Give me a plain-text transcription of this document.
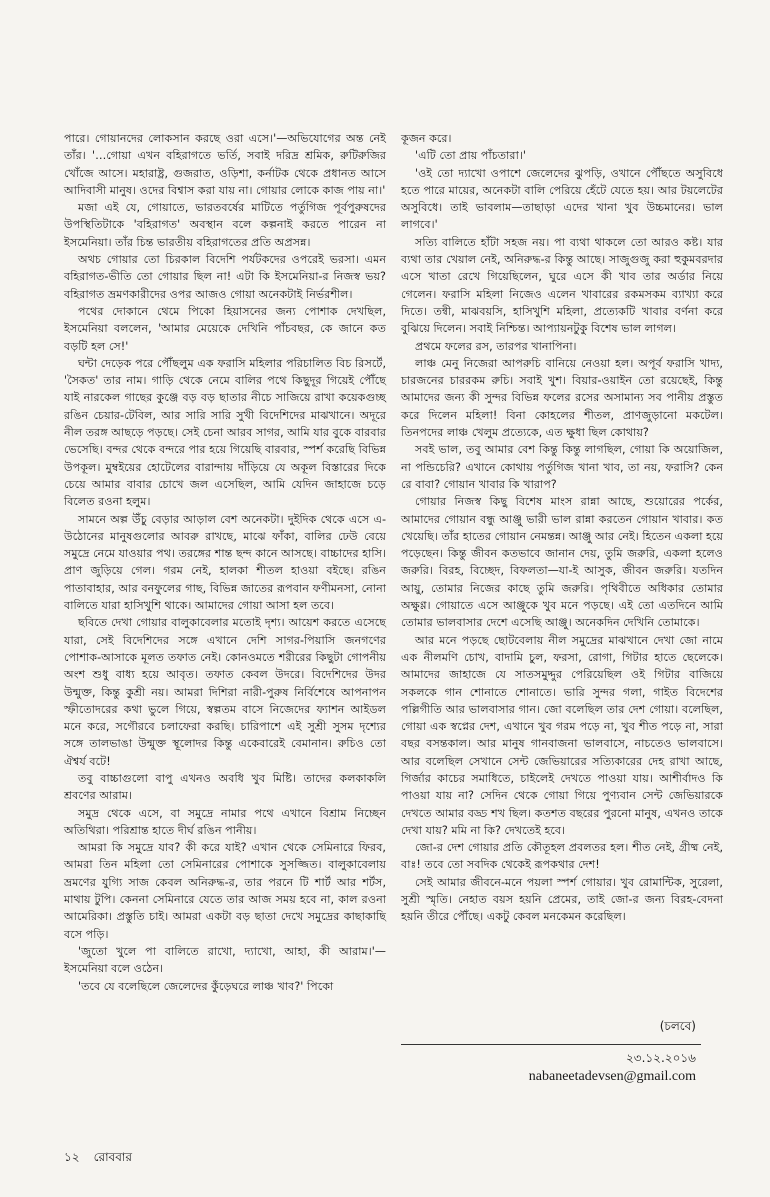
পারে। গোয়ানদের লোকসান করছে ওরা এসে।'—অভিযোগের অন্ত নেই তাঁর। '…গোয়া এখন বহিরাগতে ভর্তি, সবাই দরিদ্র শ্রমিক, রুটিরুজির খোঁজে আসে। মহারাষ্ট্র, গুজরাত, ওড়িশা, কর্নাটক থেকে প্রধানত আসে আদিবাসী মানুষ। ওদের বিশ্বাস করা যায় না। গোয়ার লোকে কাজ পায় না।'

মজা এই যে, গোয়াতে, ভারতবর্ষের মাটিতে পর্তুগিজ পূর্বপুরুষদের উপস্থিতিটাকে 'বহিরাগত' অবস্থান বলে কল্পনাই করতে পারেন না ইসমেনিয়া। তাঁর চিন্ত ভারতীয় বহিরাগতের প্রতি অপ্রসন্ন।

অথচ গোয়ার তো চিরকাল বিদেশি পর্যটকদের ওপরেই ভরসা। এমন বহিরাগত-ভীতি তো গোয়ার ছিল না! এটা কি ইসমেনিয়া-র নিজস্ব ভয়? বহিরাগত ভ্রমণকারীদের ওপর আজও গোয়া অনেকটাই নির্ভরশীল।

পথের দোকানে থেমে পিকো হিয়াসনের জন্য পোশাক দেখছিল, ইসমেনিয়া বললেন, 'আমার মেয়েকে দেখিনি পাঁচবছর, কে জানে কত বড়টি হল সে!'

ঘন্টা দেড়েক পরে পৌঁছলুম এক ফরাসি মহিলার পরিচালিত বিচ রিসর্টে, 'সৈকত' তার নাম। গাড়ি থেকে নেমে বালির পথে কিছুদূর গিয়েই পৌঁছে যাই নারকেল গাছের কুঞ্জে বড় বড় ছাতার নীচে সাজিয়ে রাখা কয়েকগুচ্ছ রঙিন চেয়ার-টেবিল, আর সারি সারি সুখী বিদেশিদের মাঝখানে। অদূরে নীল তরঙ্গ আছড়ে পড়ছে। সেই চেনা আরব সাগর, আমি যার বুকে বারবার ভেসেছি। বন্দর থেকে বন্দরে পার হয়ে গিয়েছি বারবার, স্পর্শ করেছি বিভিন্ন উপকূল। মুম্বইয়ের হোটেলের বারান্দায় দাঁড়িয়ে যে অকূল বিস্তারের দিকে চেয়ে আমার বাবার চোখে জল এসেছিল, আমি যেদিন জাহাজে চড়ে বিলেত রওনা হলুম।

সামনে অল্প উঁচু বেড়ার আড়াল বেশ অনেকটা। দুইদিক থেকে এসে এ-উঠোনের মানুষগুলোর আবরু রাখছে, মাঝে ফাঁকা, বালির ঢেউ বেয়ে সমুদ্রে নেমে যাওয়ার পথ। তরঙ্গের শান্ত ছন্দ কানে আসছে। বাচ্চাদের হাসি। প্রাণ জুড়িয়ে গেল। গরম নেই, হালকা শীতল হাওয়া বইছে। রঙিন পাতাবাহার, আর বনফুলের গাছ, বিভিন্ন জাতের রূপবান ফণীমনসা, নোনা বালিতে যারা হাসিখুশি থাকে। আমাদের গোয়া আসা হল তবে।

ছবিতে দেখা গোয়ার বালুকাবেলার মতোই দৃশ্য। আয়েশ করতে এসেছে যারা, সেই বিদেশিদের সঙ্গে এখানে দেশি সাগর-পিয়াসি জনগণের পোশাক-আসাকে মূলত তফাত নেই। কোনওমতে শরীরের কিছুটা গোপনীয় অংশ শুধু বাধ্য হয়ে আবৃত। তফাত কেবল উদরে। বিদেশিদের উদর উন্মুক্ত, কিন্তু কুশ্রী নয়। আমরা দিশিরা নারী-পুরুষ নির্বিশেষে আপনাপন স্ফীতোদরের কথা ভুলে গিয়ে, স্বল্পতম বাসে নিজেদের ফ্যাশন আইডল মনে করে, সগৌরবে চলাফেরা করছি। চারিপাশে এই সুশ্রী সুসম দৃশ্যের সঙ্গে তালভাঙা উন্মুক্ত স্থূলোদর কিন্তু একেবারেই বেমানান। রুচিও তো ঐশ্বর্য বটে!

তবু বাচ্চাগুলো বাপু এখনও অবধি খুব মিষ্টি। তাদের কলকাকলি শ্রবণের আরাম।

সমুদ্র থেকে এসে, বা সমুদ্রে নামার পথে এখানে বিশ্রাম নিচ্ছেন অতিথিরা। পরিশ্রান্ত হাতে দীর্ঘ রঙিন পানীয়।

আমরা কি সমুদ্রে যাব? কী করে যাই? এখান থেকে সেমিনারে ফিরব, আমরা তিন মহিলা তো সেমিনারের পোশাকে সুসজ্জিত। বালুকাবেলায় ভ্রমণের যুগ্যি সাজ কেবল অনিরুদ্ধ-র, তার পরনে টি শার্ট আর শর্টস, মাথায় টুপি। কেননা সেমিনারে যেতে তার আজ সময় হবে না, কাল রওনা আমেরিকা। প্রস্তুতি চাই। আমরা একটা বড় ছাতা দেখে সমুদ্রের কাছাকাছি বসে পড়ি।

'জুতো খুলে পা বালিতে রাখো, দ্যাখো, আহা, কী আরাম।'—ইসমেনিয়া বলে ওঠেন।

'তবে যে বলেছিলে জেলেদের কুঁড়েঘরে লাঞ্চ খাব?' পিকো

কূজন করে।

'এটি তো প্রায় পাঁচতারা।'

'ওই তো দ্যাখো ওপাশে জেলেদের ঝুপড়ি, ওখানে পৌঁছতে অসুবিধে হতে পারে মায়ের, অনেকটা বালি পেরিয়ে হেঁটে যেতে হয়। আর টয়লেটের অসুবিধে। তাই ভাবলাম—তাছাড়া এদের খানা খুব উচ্চমানের। ভাল লাগবে।'

সত্যি বালিতে হাঁটা সহজ নয়। পা ব্যথা থাকলে তো আরও কষ্ট। যার ব্যথা তার খেয়াল নেই, অনিরুদ্ধ-র কিন্তু আছে। সাজুগুজু করা হুকুমবরদার এসে খাতা রেখে গিয়েছিলেন, ঘুরে এসে কী খাব তার অর্ডার নিয়ে গেলেন। ফরাসি মহিলা নিজেও এলেন খাবারের রকমসকম ব্যাখ্যা করে দিতে। তন্বী, মাঝবয়সি, হাসিখুশি মহিলা, প্রত্যেকটি খাবার বর্ণনা করে বুঝিয়ে দিলেন। সবাই নিশ্চিন্ত। আপ্যায়নটুকু বিশেষ ভাল লাগল।

প্রথমে ফলের রস, তারপর খানাপিনা।

লাঞ্চ মেনু নিজেরা আপরুচি বানিয়ে নেওয়া হল। অপূর্ব ফরাসি খাদ্য, চারজনের চাররকম রুচি। সবাই খুশ। বিয়ার-ওয়াইন তো রয়েছেই, কিন্তু আমাদের জন্য কী সুন্দর বিভিন্ন ফলের রসের অসামান্য সব পানীয় প্রস্তুত করে দিলেন মহিলা! বিনা কোহলের শীতল, প্রাণজুড়ানো মকটেল। তিনপদের লাঞ্চ খেলুম প্রত্যেকে, এত ক্ষুধা ছিল কোথায়?

সবই ভাল, তবু আমার বেশ কিন্তু কিন্তু লাগছিল, গোয়া কি অয়োজিল, না পন্ডিচেরি? এখানে কোথায় পর্তুগিজ খানা খাব, তা নয়, ফরাসি? কেন রে বাবা? গোয়ান খাবার কি খারাপ?

গোয়ার নিজস্ব কিছু বিশেষ মাংস রান্না আছে, শুয়োরের পর্কের, আমাদের গোয়ান বন্ধু আঞ্জু ভারী ভাল রান্না করতেন গোয়ান খাবার। কত খেয়েছি। তাঁর হাতের গোয়ান নেমন্তন্ন। আঞ্জু আর নেই। হিতেন একলা হয়ে পড়েছেন। কিন্তু জীবন কতভাবে জানান দেয়, তুমি জরুরি, একলা হলেও জরুরি। বিরহ, বিচ্ছেদ, বিফলতা—যা-ই আসুক, জীবন জরুরি। যতদিন আয়ু, তোমার নিজের কাছে তুমি জরুরি। পৃথিবীতে অধিকার তোমার অক্ষুণ্ণ। গোয়াতে এসে আঞ্জুকে খুব মনে পড়ছে। এই তো এতদিনে আমি তোমার ভালবাসার দেশে এসেছি আঞ্জু। অনেকদিন দেখিনি তোমাকে।

আর মনে পড়ছে ছোটবেলায় নীল সমুদ্রের মাঝখানে দেখা জো নামে এক নীলমণি চোখ, বাদামি চুল, ফরসা, রোগা, গিটার হাতে ছেলেকে। আমাদের জাহাজে যে সাতসমুদ্দুর পেরিয়েছিল ওই গিটার বাজিয়ে সকলকে গান শোনাতে শোনাতে। ভারি সুন্দর গলা, গাইত বিদেশের পল্লিগীতি আর ভালবাসার গান। জো বলেছিল তার দেশ গোয়া। বলেছিল, গোয়া এক স্বপ্নের দেশ, এখানে খুব গরম পড়ে না, খুব শীত পড়ে না, সারা বছর বসন্তকাল। আর মানুষ গানবাজনা ভালবাসে, নাচতেও ভালবাসে। আর বলেছিল সেখানে সেন্ট জেভিয়ারের সত্যিকারের দেহ রাখা আছে, গির্জার কাচের সমাধিতে, চাইলেই দেখতে পাওয়া যায়। আশীর্বাদও কি পাওয়া যায় না? সেদিন থেকে গোয়া গিয়ে পুণ্যবান সেন্ট জেভিয়ারকে দেখতে আমার বড্ড শখ ছিল। কতশত বছরের পুরনো মানুষ, এখনও তাকে দেখা যায়? মমি না কি? দেখতেই হবে।

জো-র দেশ গোয়ার প্রতি কৌতূহল প্রবলতর হল। শীত নেই, গ্রীষ্ম নেই, বাঃ! তবে তো সবদিক থেকেই রূপকথার দেশ!

সেই আমার জীবনে-মনে পয়লা স্পর্শ গোয়ার। খুব রোমান্টিক, সুরেলা, সুশ্রী স্মৃতি। নেহাত বয়স হয়নি প্রেমের, তাই জো-র জন্য বিরহ-বেদনা হয়নি তীরে পৌঁছে। একটু কেবল মনকেমন করেছিল।

(চলবে)
২৩.১২.২০১৬
nabaneetadevsen@gmail.com
১২ রোববার
